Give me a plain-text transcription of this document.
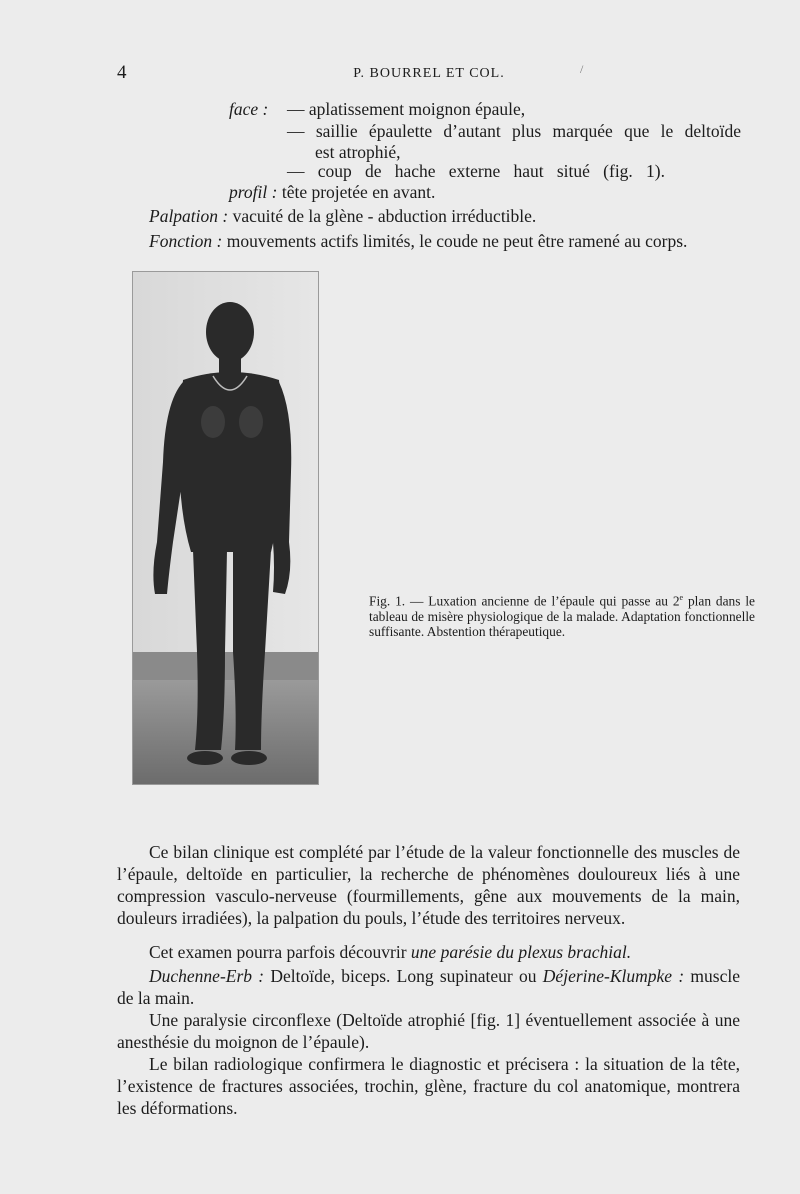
4	P. BOURREL ET COL.	/
face : — aplatissement moignon épaule,
— saillie épaulette d’autant plus marquée que le deltoïde
est atrophié,
— coup de hache externe haut situé (fig. 1).
profil : tête projetée en avant.
Palpation : vacuité de la glène - abduction irréductible.
Fonction : mouvements actifs limités, le coude ne peut être ramené au corps.
Fig. 1. — Luxation ancienne de l’épaule qui passe au 2e plan dans le tableau de misère physiologique de la malade. Adaptation fonctionnelle suffisante. Abstention thérapeutique.
Ce bilan clinique est complété par l’étude de la valeur fonctionnelle des muscles de l’épaule, deltoïde en particulier, la recherche de phénomènes douloureux liés à une compression vasculo-nerveuse (fourmillements, gêne aux mouvements de la main, douleurs irradiées), la palpation du pouls, l’étude des territoires nerveux.
Cet examen pourra parfois découvrir une parésie du plexus brachial.
Duchenne-Erb : Deltoïde, biceps. Long supinateur ou Déjerine-Klumpke : muscle de la main.
Une paralysie circonflexe (Deltoïde atrophié [fig. 1] éventuellement associée à une anesthésie du moignon de l’épaule).
Le bilan radiologique confirmera le diagnostic et précisera : la situation de la tête, l’existence de fractures associées, trochin, glène, fracture du col anatomique, montrera les déformations.
